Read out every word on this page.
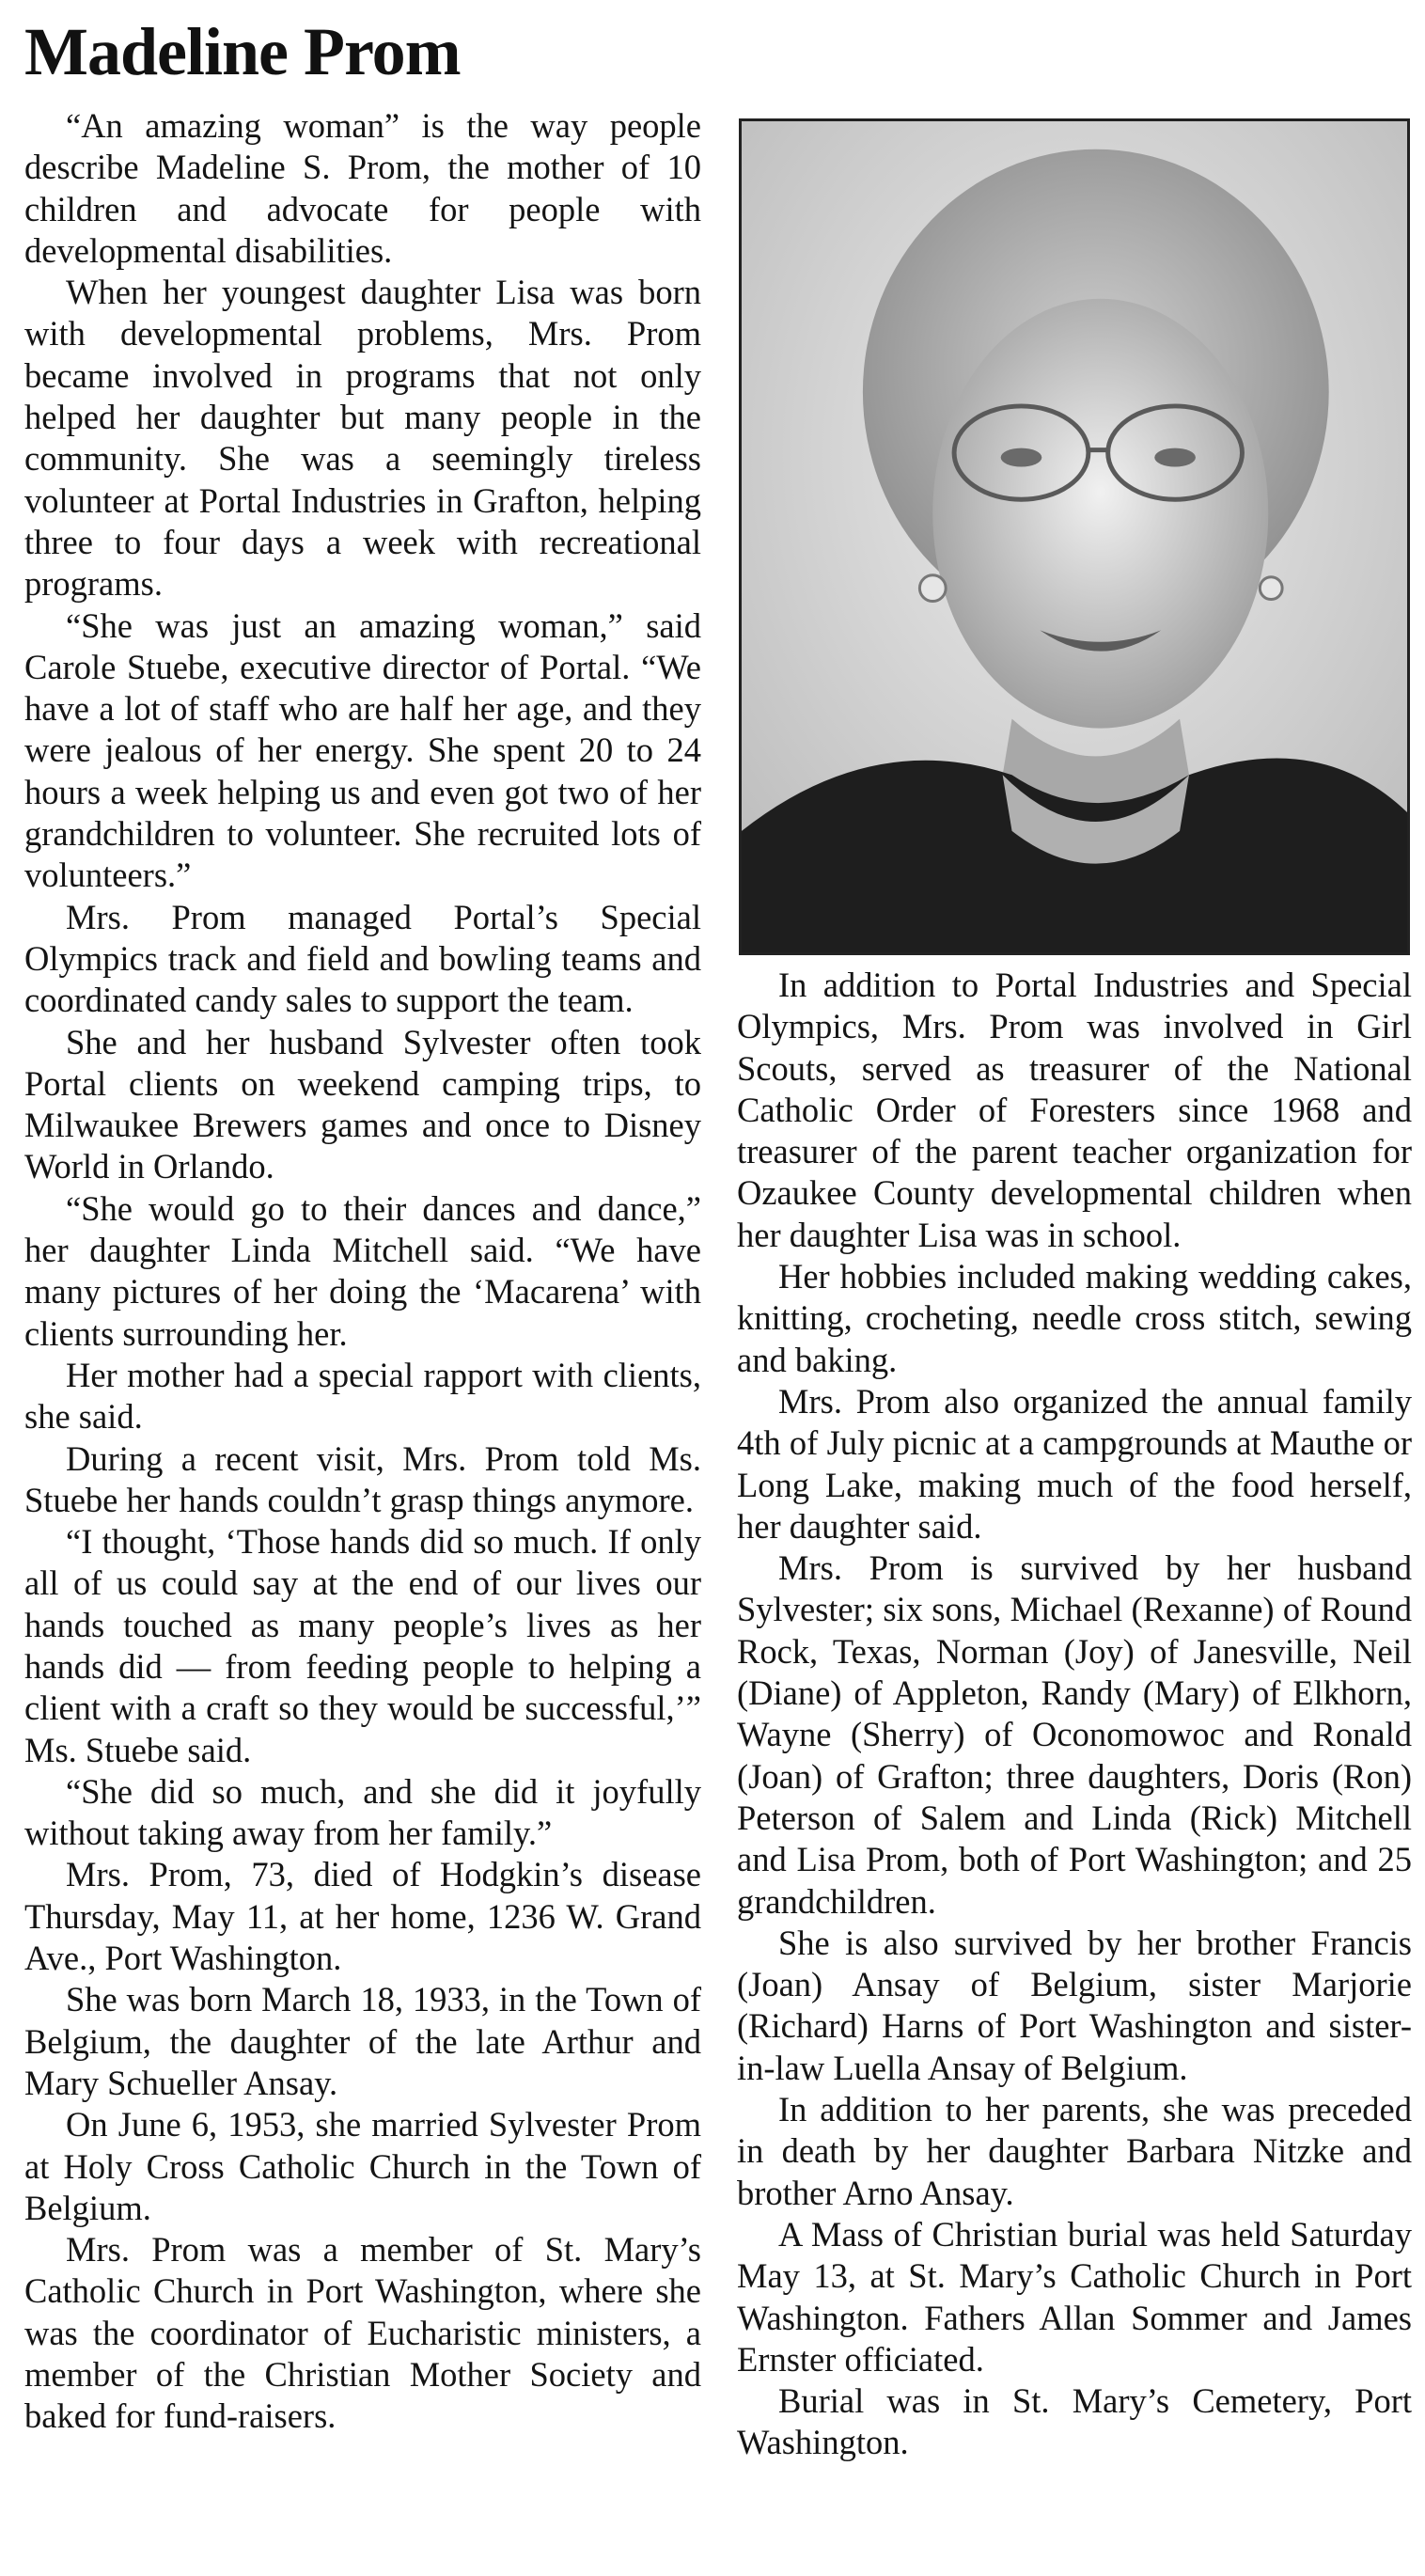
Madeline Prom

“An amazing woman” is the way people describe Madeline S. Prom, the mother of 10 children and advocate for people with developmental disabilities.

When her youngest daughter Lisa was born with developmental problems, Mrs. Prom became involved in programs that not only helped her daughter but many people in the community. She was a seemingly tireless volunteer at Portal Industries in Grafton, helping three to four days a week with recreational programs.

“She was just an amazing woman,” said Carole Stuebe, executive director of Portal. “We have a lot of staff who are half her age, and they were jealous of her energy. She spent 20 to 24 hours a week helping us and even got two of her grandchildren to volunteer. She recruited lots of volunteers.”

Mrs. Prom managed Portal’s Special Olympics track and field and bowling teams and coordinated candy sales to support the team.

She and her husband Sylvester often took Portal clients on weekend camping trips, to Milwaukee Brewers games and once to Disney World in Orlando.

“She would go to their dances and dance,” her daughter Linda Mitchell said. “We have many pictures of her doing the ‘Macarena’ with clients surrounding her.

Her mother had a special rapport with clients, she said.

During a recent visit, Mrs. Prom told Ms. Stuebe her hands couldn’t grasp things anymore.

“I thought, ‘Those hands did so much. If only all of us could say at the end of our lives our hands touched as many people’s lives as her hands did — from feeding people to helping a client with a craft so they would be successful,’” Ms. Stuebe said.

“She did so much, and she did it joyfully without taking away from her family.”

Mrs. Prom, 73, died of Hodgkin’s disease Thursday, May 11, at her home, 1236 W. Grand Ave., Port Washington.

She was born March 18, 1933, in the Town of Belgium, the daughter of the late Arthur and Mary Schueller Ansay.

On June 6, 1953, she married Sylvester Prom at Holy Cross Catholic Church in the Town of Belgium.

Mrs. Prom was a member of St. Mary’s Catholic Church in Port Washington, where she was the coordinator of Eucharistic ministers, a member of the Christian Mother Society and baked for fund-raisers.

In addition to Portal Industries and Special Olympics, Mrs. Prom was involved in Girl Scouts, served as treasurer of the National Catholic Order of Foresters since 1968 and treasurer of the parent teacher organization for Ozaukee County developmental children when her daughter Lisa was in school.

Her hobbies included making wedding cakes, knitting, crocheting, needle cross stitch, sewing and baking.

Mrs. Prom also organized the annual family 4th of July picnic at a campgrounds at Mauthe or Long Lake, making much of the food herself, her daughter said.

Mrs. Prom is survived by her husband Sylvester; six sons, Michael (Rexanne) of Round Rock, Texas, Norman (Joy) of Janesville, Neil (Diane) of Appleton, Randy (Mary) of Elkhorn, Wayne (Sherry) of Oconomowoc and Ronald (Joan) of Grafton; three daughters, Doris (Ron) Peterson of Salem and Linda (Rick) Mitchell and Lisa Prom, both of Port Washington; and 25 grandchildren.

She is also survived by her brother Francis (Joan) Ansay of Belgium, sister Marjorie (Richard) Harns of Port Washington and sister-in-law Luella Ansay of Belgium.

In addition to her parents, she was preceded in death by her daughter Barbara Nitzke and brother Arno Ansay.

A Mass of Christian burial was held Saturday May 13, at St. Mary’s Catholic Church in Port Washington. Fathers Allan Sommer and James Ernster officiated.

Burial was in St. Mary’s Cemetery, Port Washington.
